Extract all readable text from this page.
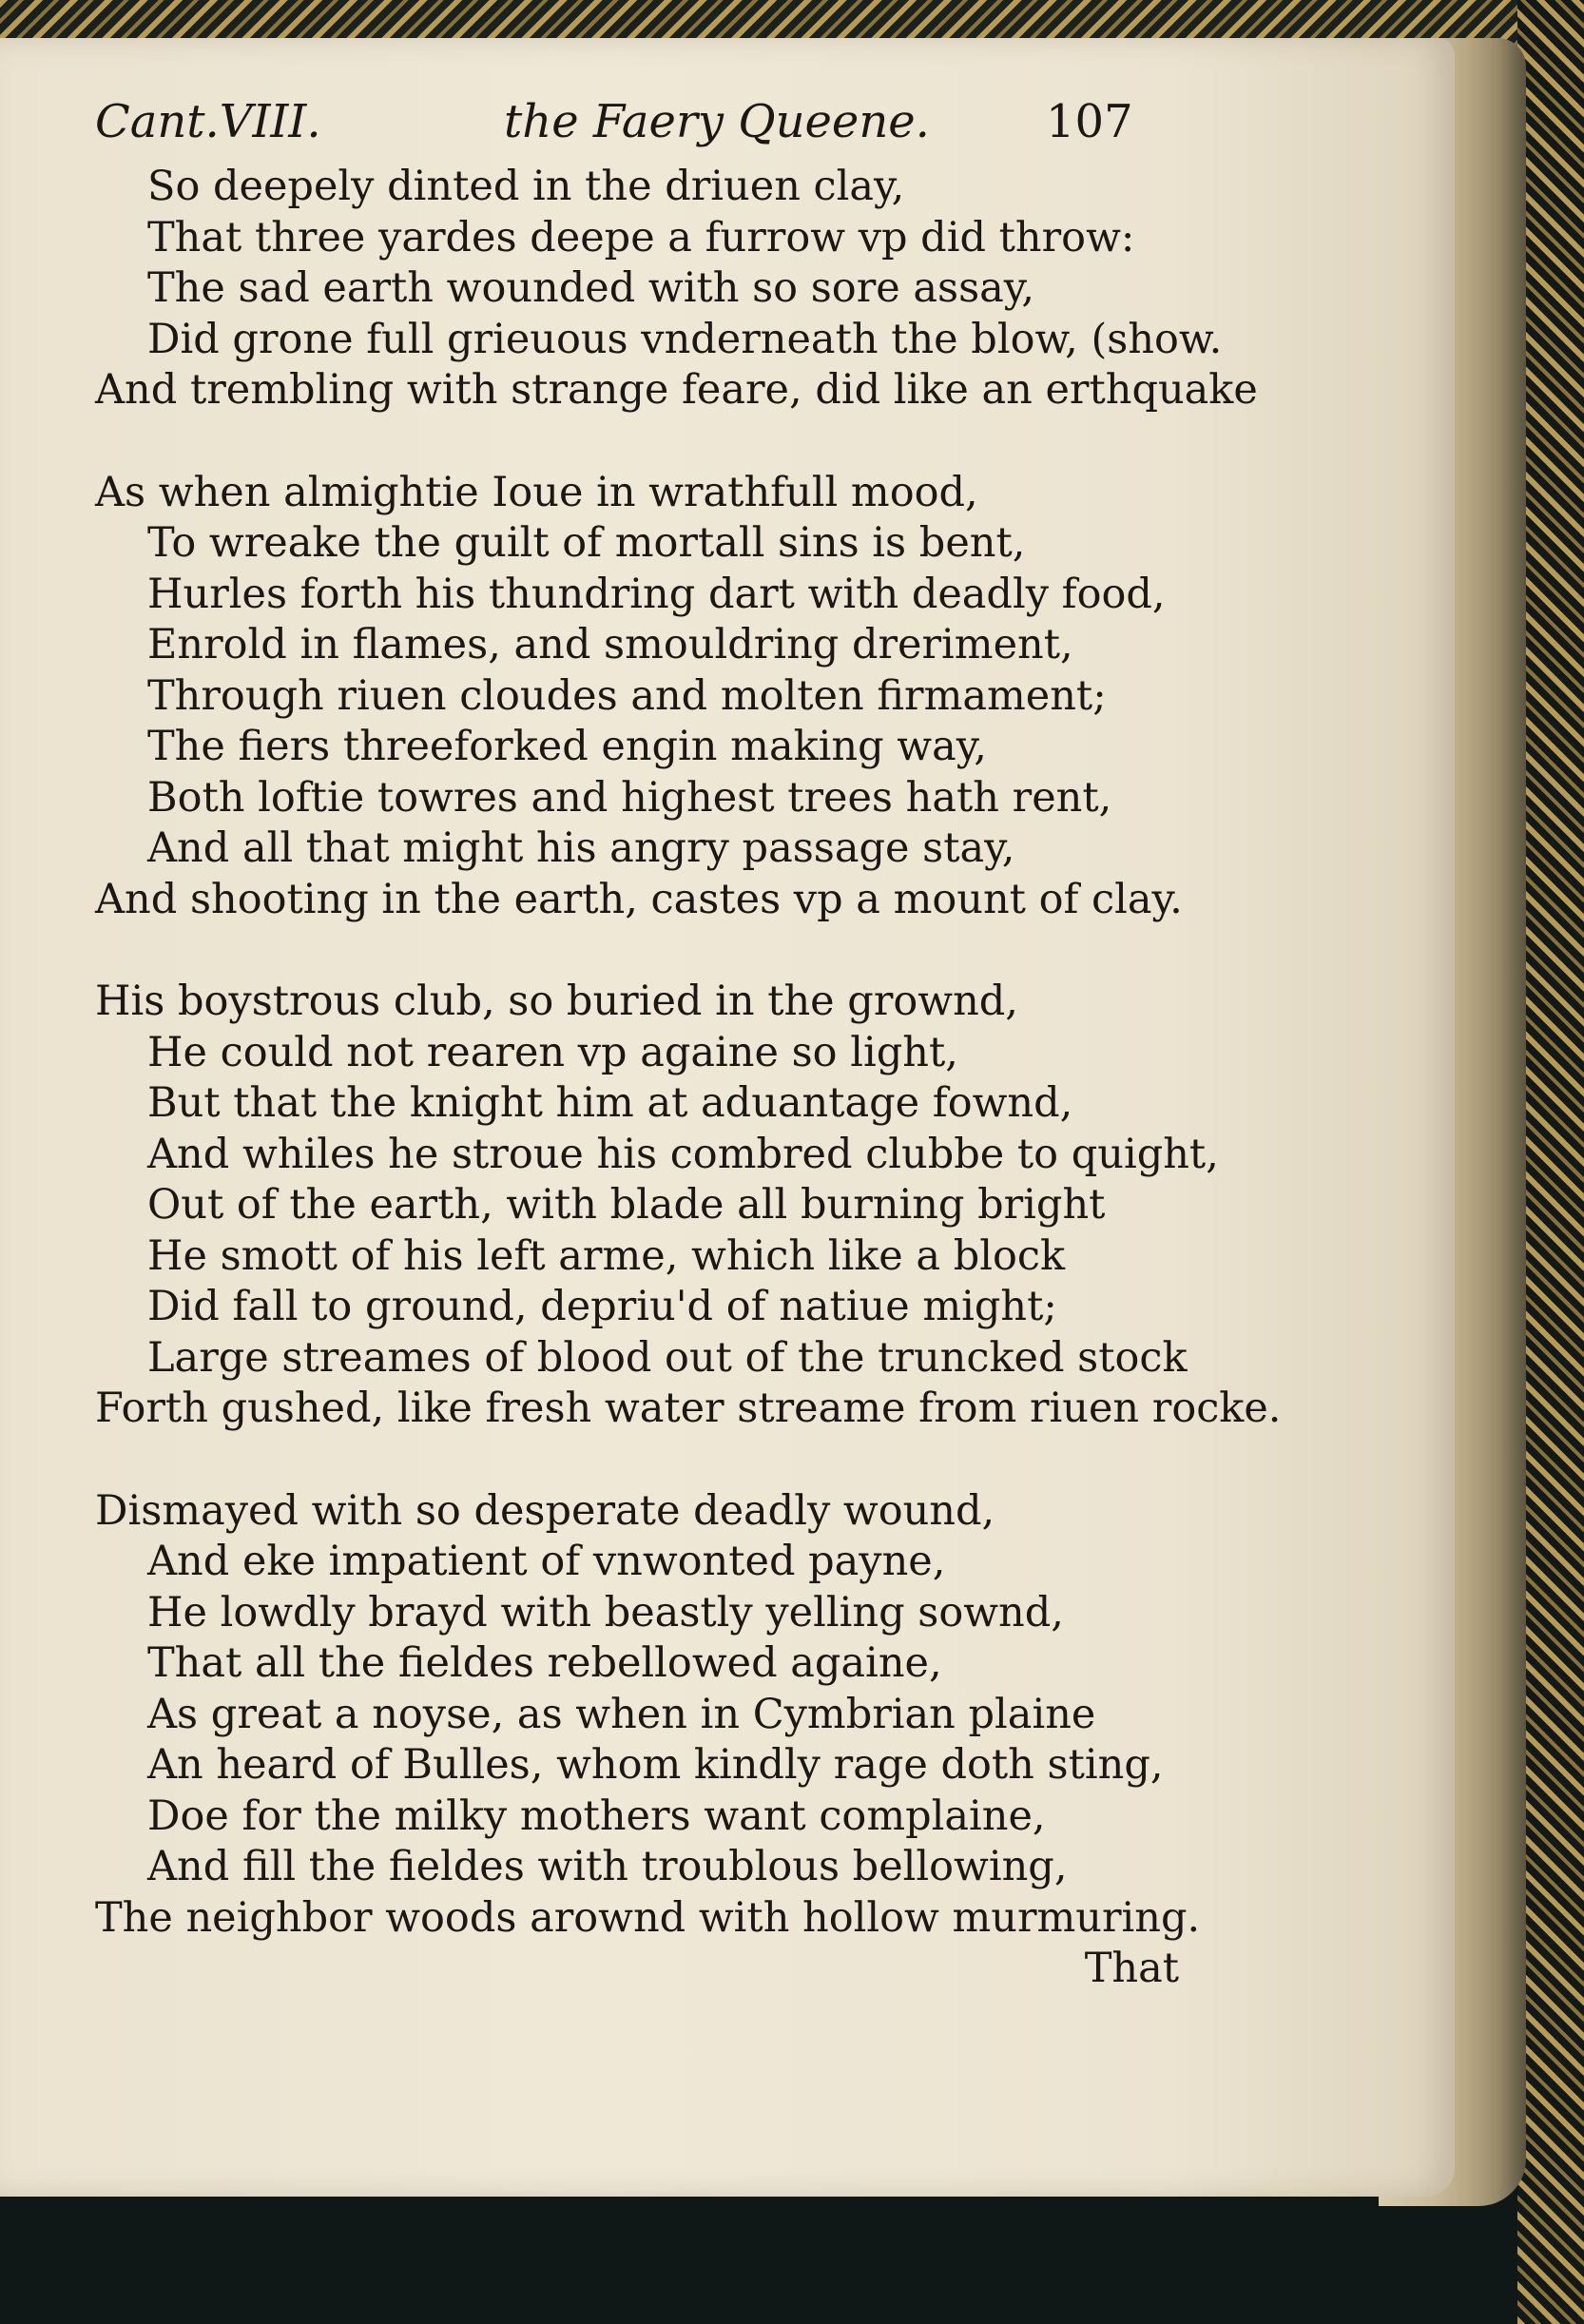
Cant.VIII.	the Faery Queene.	107
So deepely dinted in the driuen clay,
That three yardes deepe a furrow vp did throw:
The sad earth wounded with so sore assay,
Did grone full grieuous vnderneath the blow, (show.
And trembling with strange feare, did like an erthquake
As when almightie Ioue in wrathfull mood,
To wreake the guilt of mortall sins is bent,
Hurles forth his thundring dart with deadly food,
Enrold in flames, and smouldring dreriment,
Through riuen cloudes and molten firmament;
The fiers threeforked engin making way,
Both loftie towres and highest trees hath rent,
And all that might his angry passage stay,
And shooting in the earth, castes vp a mount of clay.
His boystrous club, so buried in the grownd,
He could not rearen vp againe so light,
But that the knight him at aduantage fownd,
And whiles he stroue his combred clubbe to quight,
Out of the earth, with blade all burning bright
He smott of his left arme, which like a block
Did fall to ground, depriu'd of natiue might;
Large streames of blood out of the truncked stock
Forth gushed, like fresh water streame from riuen rocke.
Dismayed with so desperate deadly wound,
And eke impatient of vnwonted payne,
He lowdly brayd with beastly yelling sownd,
That all the fieldes rebellowed againe,
As great a noyse, as when in Cymbrian plaine
An heard of Bulles, whom kindly rage doth sting,
Doe for the milky mothers want complaine,
And fill the fieldes with troublous bellowing,
The neighbor woods arownd with hollow murmuring.
That
